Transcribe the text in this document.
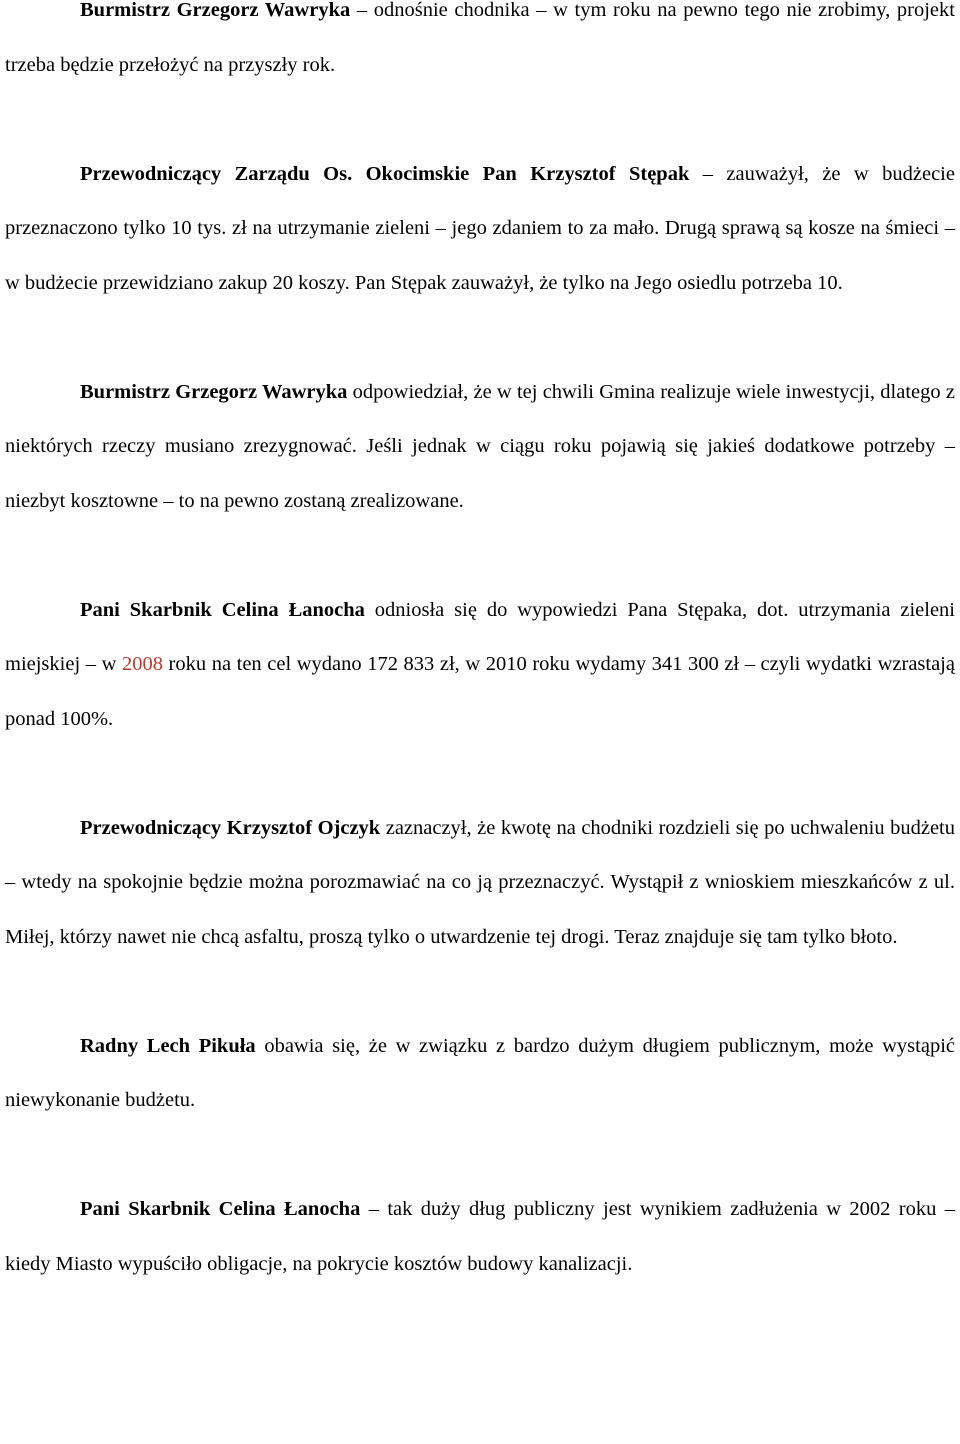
Burmistrz Grzegorz Wawryka – odnośnie chodnika – w tym roku na pewno tego nie zrobimy, projekt trzeba będzie przełożyć na przyszły rok.

Przewodniczący Zarządu Os. Okocimskie Pan Krzysztof Stępak – zauważył, że w budżecie przeznaczono tylko 10 tys. zł na utrzymanie zieleni – jego zdaniem to za mało. Drugą sprawą są kosze na śmieci – w budżecie przewidziano zakup 20 koszy. Pan Stępak zauważył, że tylko na Jego osiedlu potrzeba 10.

Burmistrz Grzegorz Wawryka odpowiedział, że w tej chwili Gmina realizuje wiele inwestycji, dlatego z niektórych rzeczy musiano zrezygnować. Jeśli jednak w ciągu roku pojawią się jakieś dodatkowe potrzeby – niezbyt kosztowne – to na pewno zostaną zrealizowane.

Pani Skarbnik Celina Łanocha odniosła się do wypowiedzi Pana Stępaka, dot. utrzymania zieleni miejskiej – w 2008 roku na ten cel wydano 172 833 zł, w 2010 roku wydamy 341 300 zł – czyli wydatki wzrastają ponad 100%.

Przewodniczący Krzysztof Ojczyk zaznaczył, że kwotę na chodniki rozdzieli się po uchwaleniu budżetu – wtedy na spokojnie będzie można porozmawiać na co ją przeznaczyć. Wystąpił z wnioskiem mieszkańców z ul. Miłej, którzy nawet nie chcą asfaltu, proszą tylko o utwardzenie tej drogi. Teraz znajduje się tam tylko błoto.

Radny Lech Pikuła obawia się, że w związku z bardzo dużym długiem publicznym, może wystąpić niewykonanie budżetu.

Pani Skarbnik Celina Łanocha – tak duży dług publiczny jest wynikiem zadłużenia w 2002 roku – kiedy Miasto wypuściło obligacje, na pokrycie kosztów budowy kanalizacji.
